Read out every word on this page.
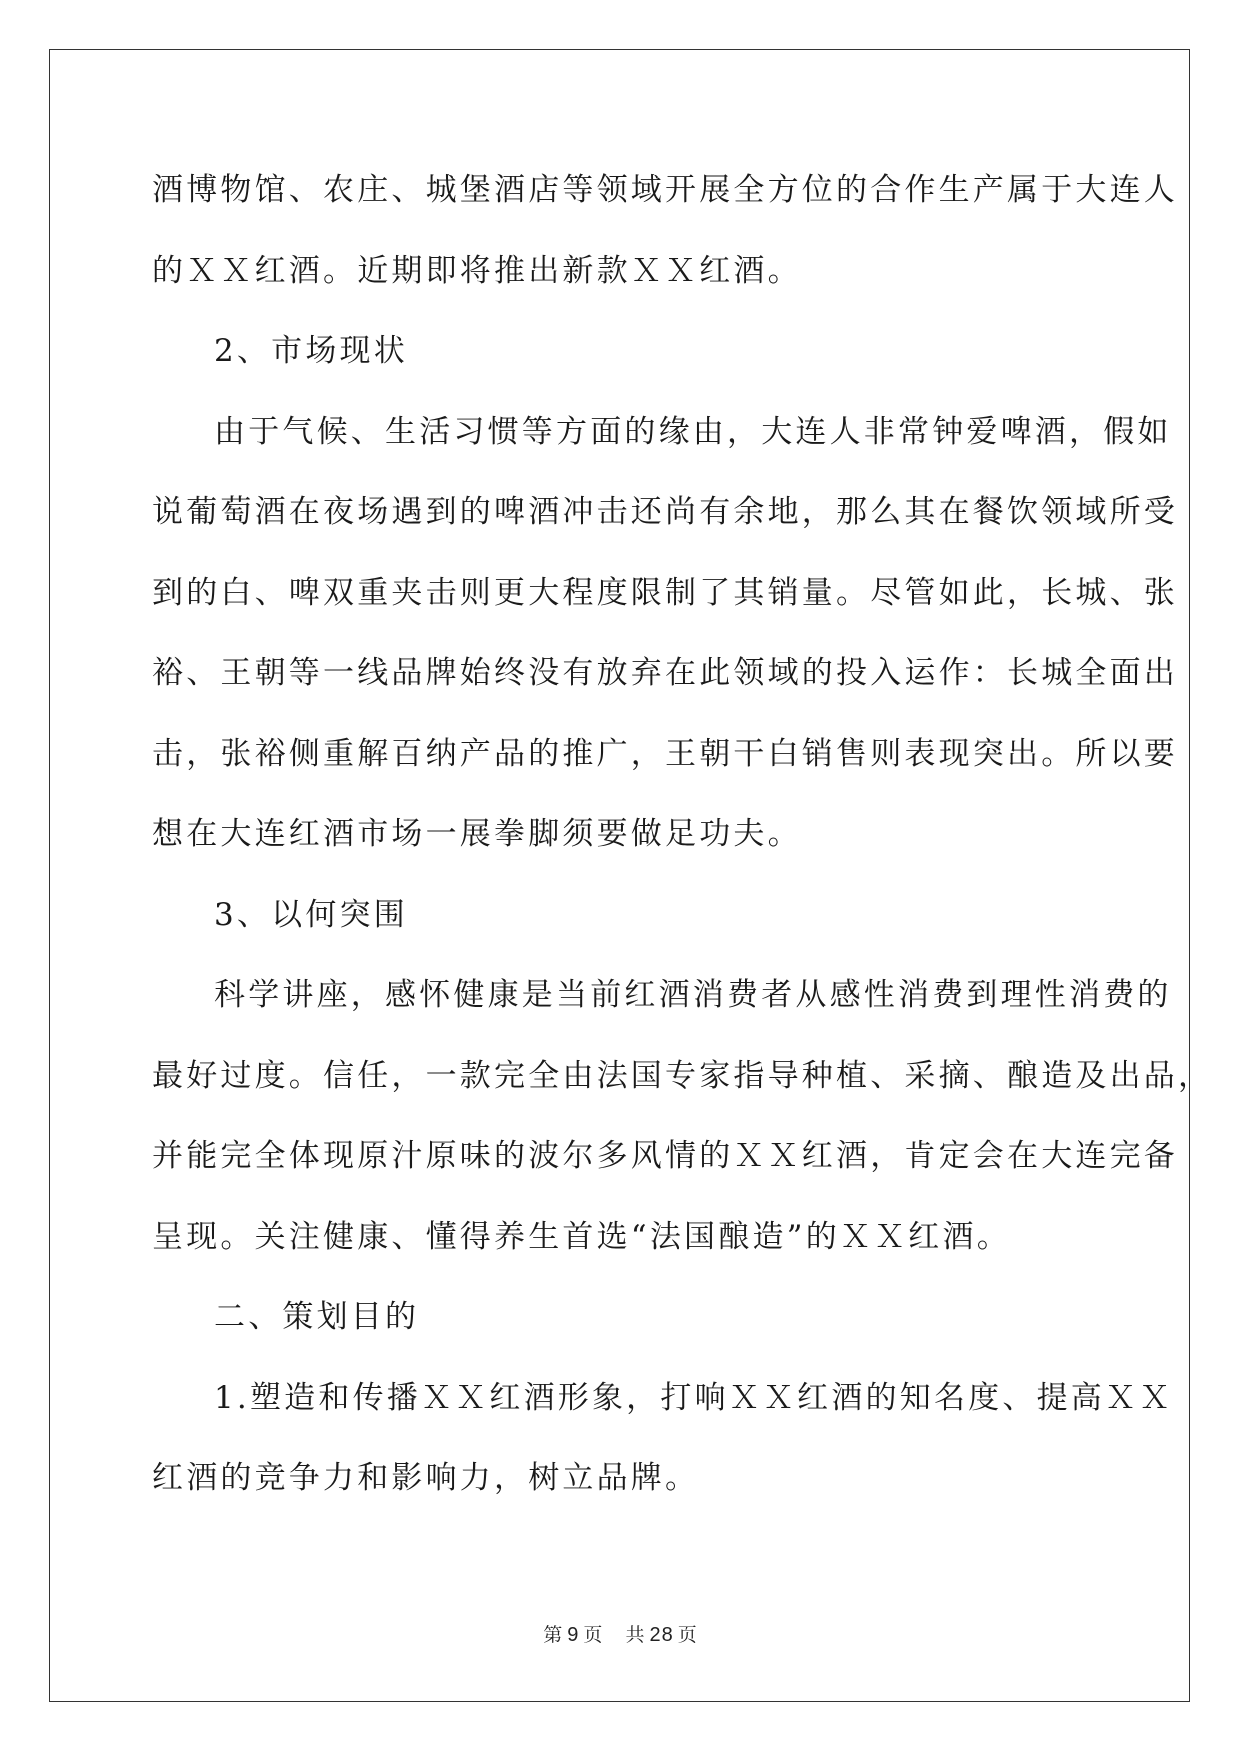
酒博物馆、农庄、城堡酒店等领域开展全方位的合作生产属于大连人
的ＸＸ红酒。近期即将推出新款ＸＸ红酒。
2、市场现状
由于气候、生活习惯等方面的缘由，大连人非常钟爱啤酒，假如
说葡萄酒在夜场遇到的啤酒冲击还尚有余地，那么其在餐饮领域所受
到的白、啤双重夹击则更大程度限制了其销量。尽管如此，长城、张
裕、王朝等一线品牌始终没有放弃在此领域的投入运作：长城全面出
击，张裕侧重解百纳产品的推广，王朝干白销售则表现突出。所以要
想在大连红酒市场一展拳脚须要做足功夫。
3、以何突围
科学讲座，感怀健康是当前红酒消费者从感性消费到理性消费的
最好过度。信任，一款完全由法国专家指导种植、采摘、酿造及出品，
并能完全体现原汁原味的波尔多风情的ＸＸ红酒，肯定会在大连完备
呈现。关注健康、懂得养生首选“法国酿造”的ＸＸ红酒。
二、策划目的
1.塑造和传播ＸＸ红酒形象，打响ＸＸ红酒的知名度、提高ＸＸ
红酒的竞争力和影响力，树立品牌。
第 9 页 共 28 页
